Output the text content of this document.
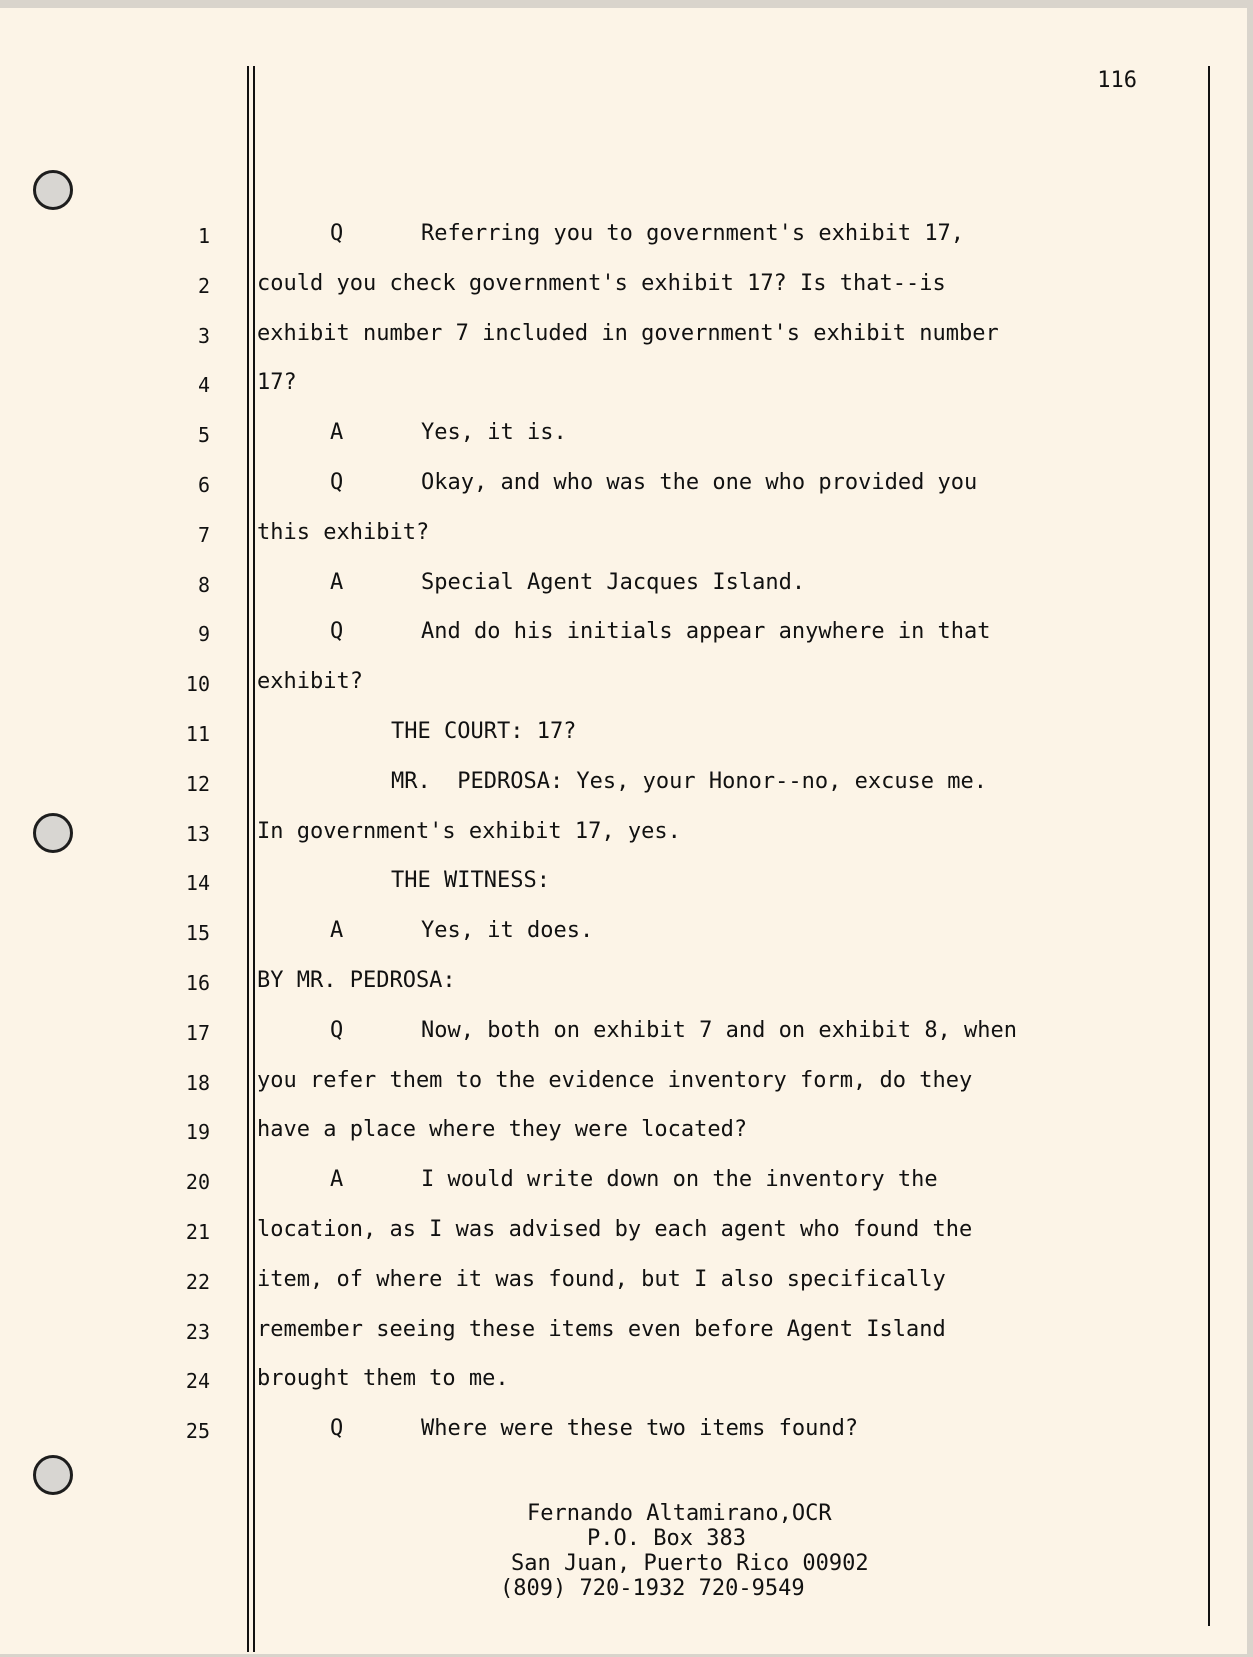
116
1	Q	Referring you to government's exhibit 17,
2 could you check government's exhibit 17? Is that--is
3 exhibit number 7 included in government's exhibit number
4 17?
5	A	Yes, it is.
6	Q	Okay, and who was the one who provided you
7 this exhibit?
8	A	Special Agent Jacques Island.
9	Q	And do his initials appear anywhere in that
10 exhibit?
11	THE COURT: 17?
12	MR.  PEDROSA: Yes, your Honor--no, excuse me.
13 In government's exhibit 17, yes.
14	THE WITNESS:
15	A	Yes, it does.
16 BY MR. PEDROSA:
17	Q	Now, both on exhibit 7 and on exhibit 8, when
18 you refer them to the evidence inventory form, do they
19 have a place where they were located?
20	A	I would write down on the inventory the
21 location, as I was advised by each agent who found the
22 item, of where it was found, but I also specifically
23 remember seeing these items even before Agent Island
24 brought them to me.
25	Q	Where were these two items found?
Fernando Altamirano,OCR
P.O. Box 383
San Juan, Puerto Rico 00902
(809) 720-1932 720-9549
